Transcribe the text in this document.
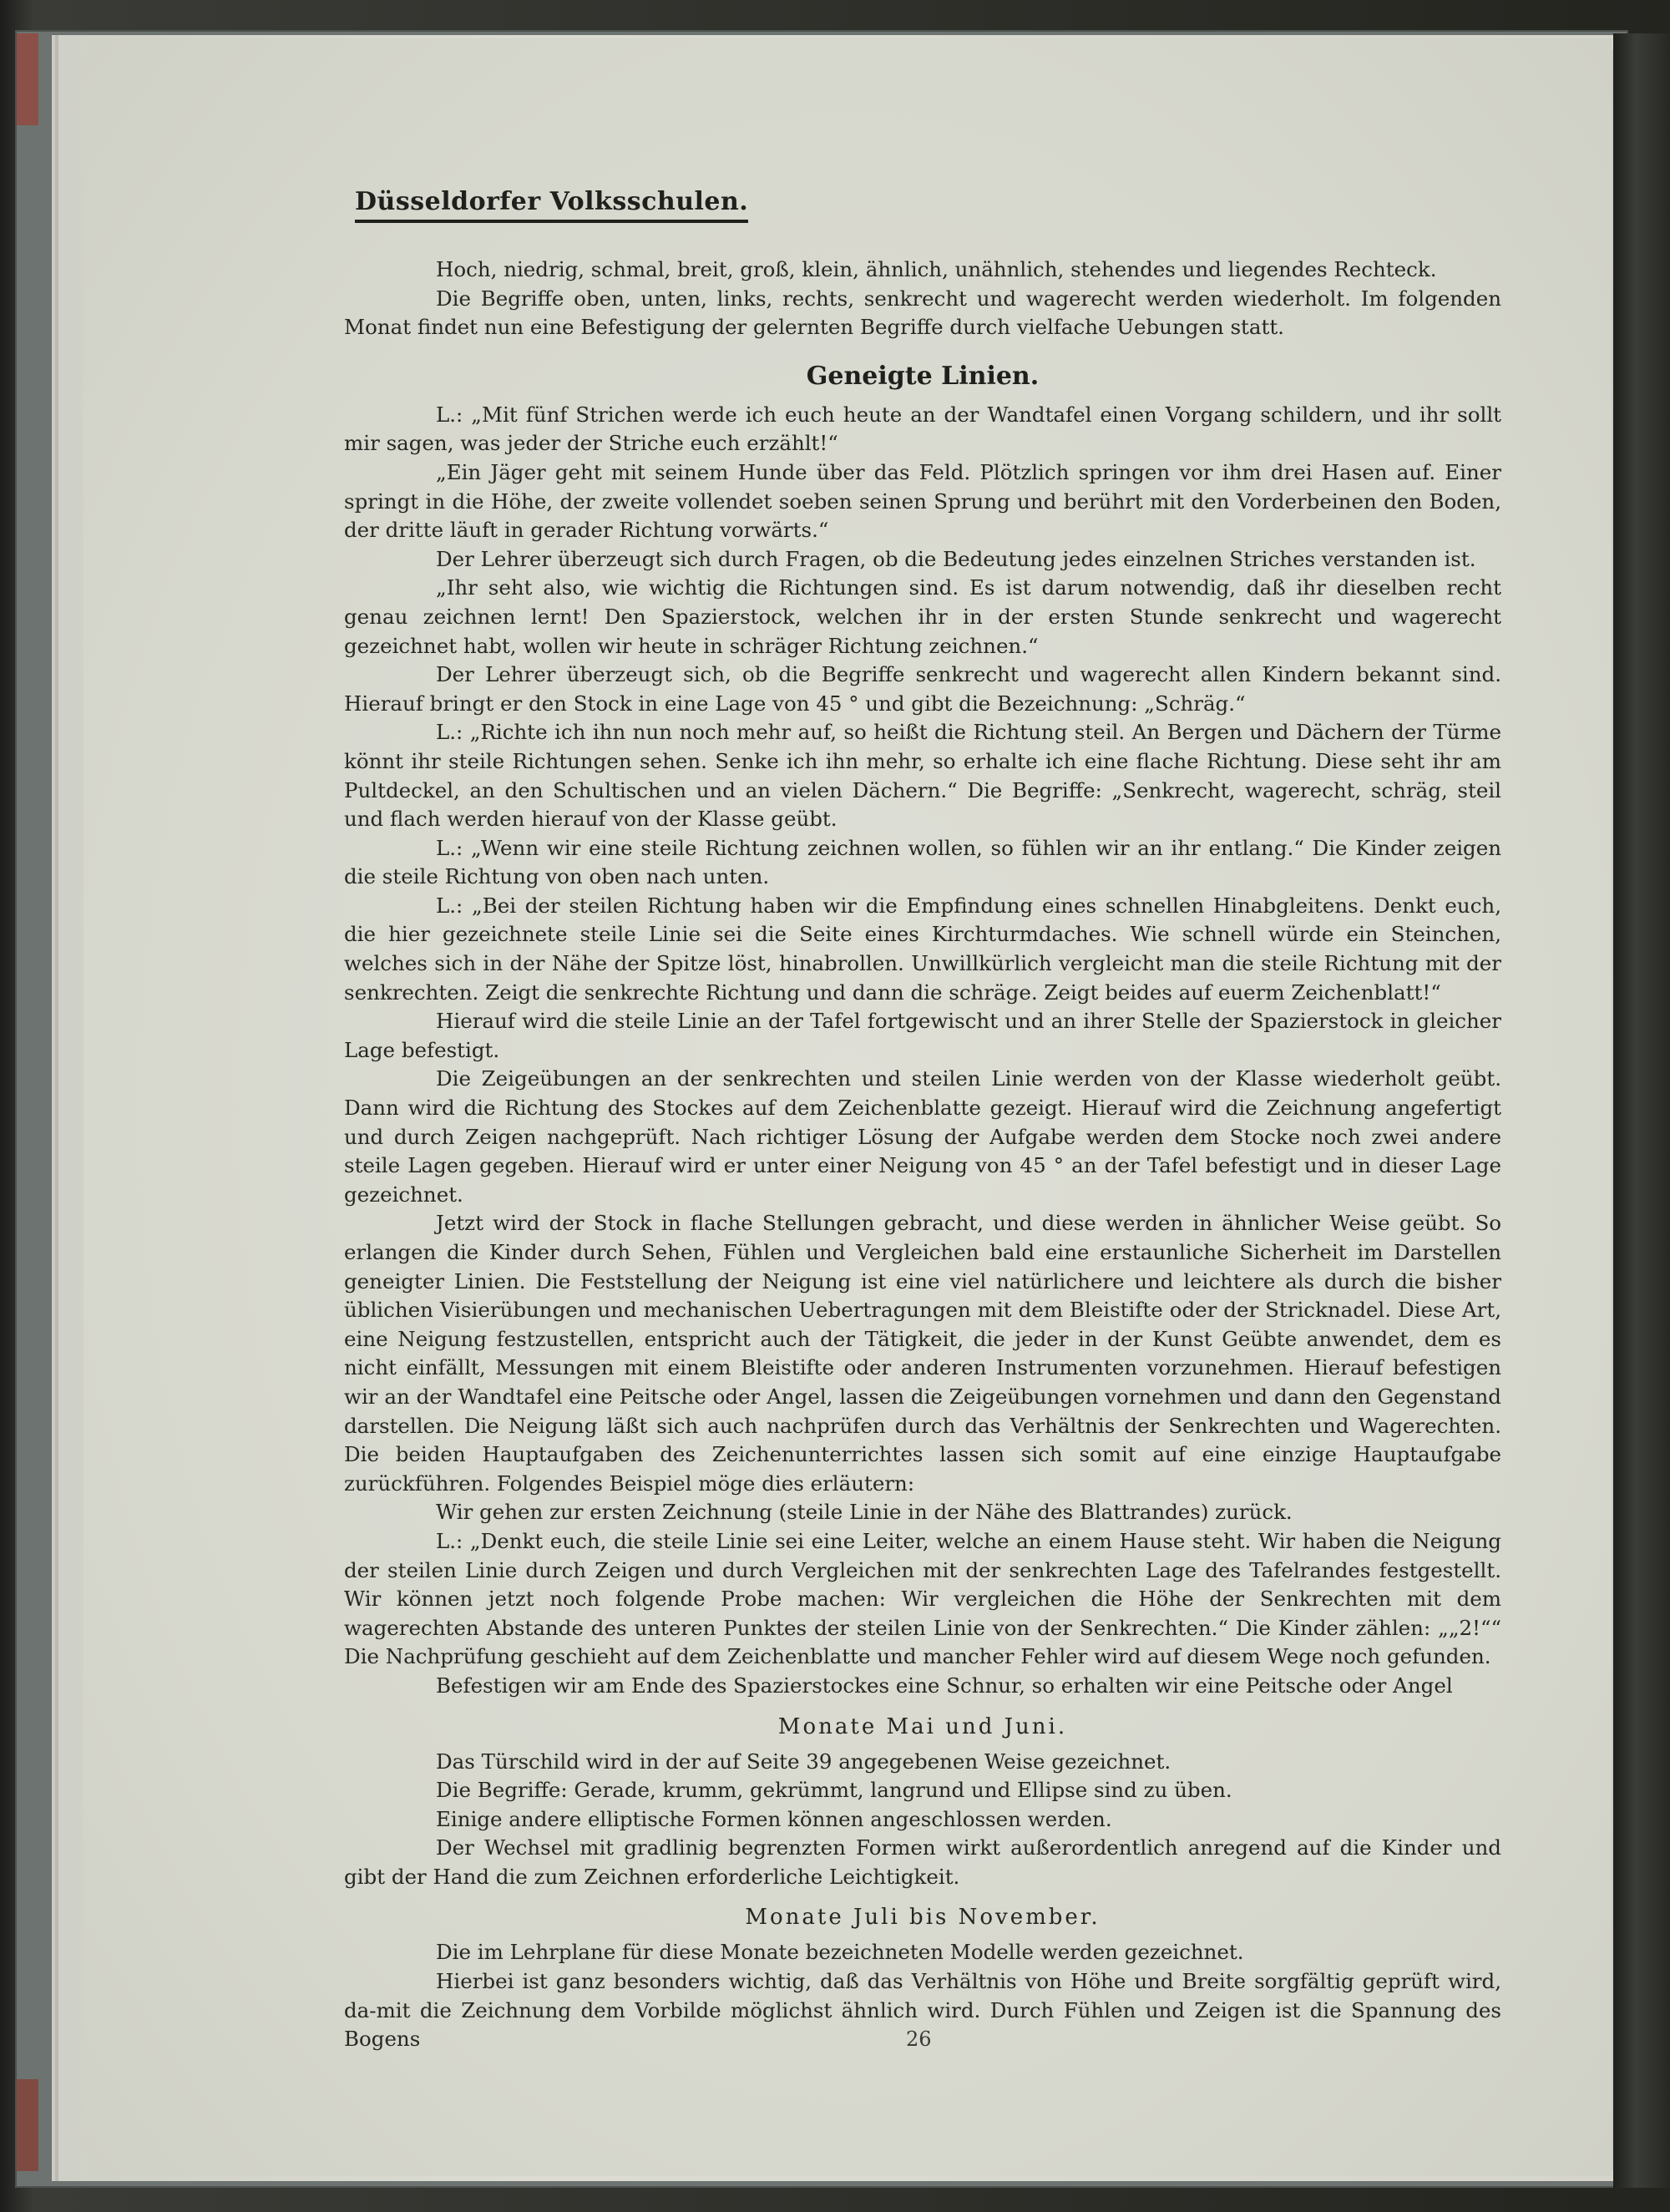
Düsseldorfer Volksschulen.

Hoch, niedrig, schmal, breit, groß, klein, ähnlich, unähnlich, stehendes und liegendes Rechteck.

Die Begriffe oben, unten, links, rechts, senkrecht und wagerecht werden wiederholt. Im folgenden Monat findet nun eine Befestigung der gelernten Begriffe durch vielfache Uebungen statt.

Geneigte Linien.

L.: „Mit fünf Strichen werde ich euch heute an der Wandtafel einen Vorgang schildern, und ihr sollt mir sagen, was jeder der Striche euch erzählt!“

„Ein Jäger geht mit seinem Hunde über das Feld. Plötzlich springen vor ihm drei Hasen auf. Einer springt in die Höhe, der zweite vollendet soeben seinen Sprung und berührt mit den Vorderbeinen den Boden, der dritte läuft in gerader Richtung vorwärts.“

Der Lehrer überzeugt sich durch Fragen, ob die Bedeutung jedes einzelnen Striches verstanden ist.

„Ihr seht also, wie wichtig die Richtungen sind. Es ist darum notwendig, daß ihr dieselben recht genau zeichnen lernt! Den Spazierstock, welchen ihr in der ersten Stunde senkrecht und wagerecht gezeichnet habt, wollen wir heute in schräger Richtung zeichnen.“

Der Lehrer überzeugt sich, ob die Begriffe senkrecht und wagerecht allen Kindern bekannt sind. Hierauf bringt er den Stock in eine Lage von 45 ° und gibt die Bezeichnung: „Schräg.“

L.: „Richte ich ihn nun noch mehr auf, so heißt die Richtung steil. An Bergen und Dächern der Türme könnt ihr steile Richtungen sehen. Senke ich ihn mehr, so erhalte ich eine flache Richtung. Diese seht ihr am Pultdeckel, an den Schultischen und an vielen Dächern.“ Die Begriffe: „Senkrecht, wagerecht, schräg, steil und flach werden hierauf von der Klasse geübt.

L.: „Wenn wir eine steile Richtung zeichnen wollen, so fühlen wir an ihr entlang.“ Die Kinder zeigen die steile Richtung von oben nach unten.

L.: „Bei der steilen Richtung haben wir die Empfindung eines schnellen Hinabgleitens. Denkt euch, die hier gezeichnete steile Linie sei die Seite eines Kirchturmdaches. Wie schnell würde ein Steinchen, welches sich in der Nähe der Spitze löst, hinabrollen. Unwillkürlich vergleicht man die steile Richtung mit der senkrechten. Zeigt die senkrechte Richtung und dann die schräge. Zeigt beides auf euerm Zeichenblatt!“

Hierauf wird die steile Linie an der Tafel fortgewischt und an ihrer Stelle der Spazierstock in gleicher Lage befestigt.

Die Zeigeübungen an der senkrechten und steilen Linie werden von der Klasse wiederholt geübt. Dann wird die Richtung des Stockes auf dem Zeichenblatte gezeigt. Hierauf wird die Zeichnung angefertigt und durch Zeigen nachgeprüft. Nach richtiger Lösung der Aufgabe werden dem Stocke noch zwei andere steile Lagen gegeben. Hierauf wird er unter einer Neigung von 45 ° an der Tafel befestigt und in dieser Lage gezeichnet.

Jetzt wird der Stock in flache Stellungen gebracht, und diese werden in ähnlicher Weise geübt. So erlangen die Kinder durch Sehen, Fühlen und Vergleichen bald eine erstaunliche Sicherheit im Darstellen geneigter Linien. Die Feststellung der Neigung ist eine viel natürlichere und leichtere als durch die bisher üblichen Visierübungen und mechanischen Uebertragungen mit dem Bleistifte oder der Stricknadel. Diese Art, eine Neigung festzustellen, entspricht auch der Tätigkeit, die jeder in der Kunst Geübte anwendet, dem es nicht einfällt, Messungen mit einem Bleistifte oder anderen Instrumenten vorzunehmen. Hierauf befestigen wir an der Wandtafel eine Peitsche oder Angel, lassen die Zeigeübungen vornehmen und dann den Gegenstand darstellen. Die Neigung läßt sich auch nachprüfen durch das Verhältnis der Senkrechten und Wagerechten. Die beiden Hauptaufgaben des Zeichenunterrichtes lassen sich somit auf eine einzige Hauptaufgabe zurückführen. Folgendes Beispiel möge dies erläutern:

Wir gehen zur ersten Zeichnung (steile Linie in der Nähe des Blattrandes) zurück.

L.: „Denkt euch, die steile Linie sei eine Leiter, welche an einem Hause steht. Wir haben die Neigung der steilen Linie durch Zeigen und durch Vergleichen mit der senkrechten Lage des Tafelrandes festgestellt. Wir können jetzt noch folgende Probe machen: Wir vergleichen die Höhe der Senkrechten mit dem wagerechten Abstande des unteren Punktes der steilen Linie von der Senkrechten.“ Die Kinder zählen: „„2!““ Die Nachprüfung geschieht auf dem Zeichenblatte und mancher Fehler wird auf diesem Wege noch gefunden.

Befestigen wir am Ende des Spazierstockes eine Schnur, so erhalten wir eine Peitsche oder Angel

Monate Mai und Juni.

Das Türschild wird in der auf Seite 39 angegebenen Weise gezeichnet.

Die Begriffe: Gerade, krumm, gekrümmt, langrund und Ellipse sind zu üben.

Einige andere elliptische Formen können angeschlossen werden.

Der Wechsel mit gradlinig begrenzten Formen wirkt außerordentlich anregend auf die Kinder und gibt der Hand die zum Zeichnen erforderliche Leichtigkeit.

Monate Juli bis November.

Die im Lehrplane für diese Monate bezeichneten Modelle werden gezeichnet.

Hierbei ist ganz besonders wichtig, daß das Verhältnis von Höhe und Breite sorgfältig geprüft wird, da-mit die Zeichnung dem Vorbilde möglichst ähnlich wird. Durch Fühlen und Zeigen ist die Spannung des Bogens	26
